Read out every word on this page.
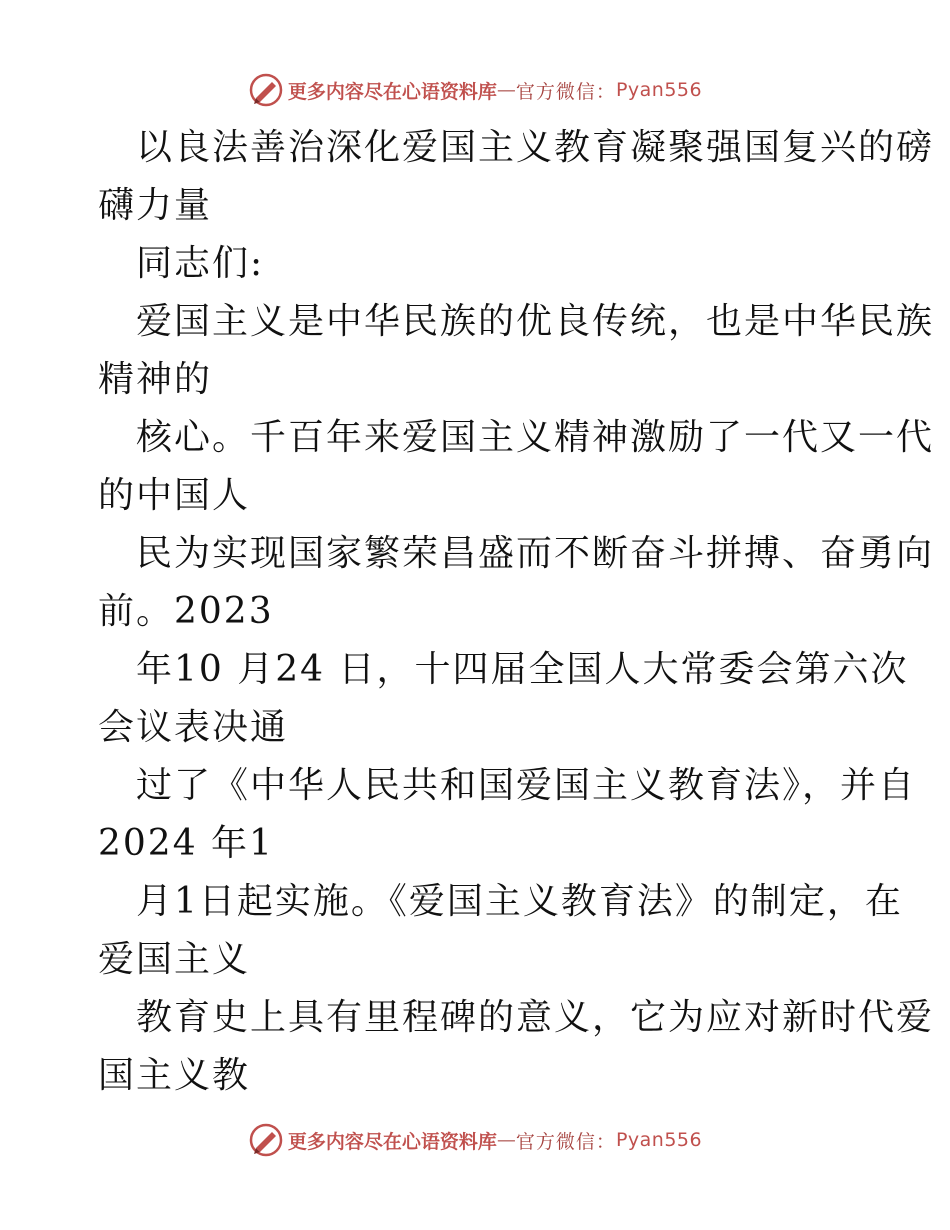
更多内容尽在心语资料库 — 官方微信： Pyan556
以良法善治深化爱国主义教育凝聚强国复兴的磅
礴力量
同志们:
爱国主义是中华民族的优良传统，也是中华民族
精神的
核心。千百年来爱国主义精神激励了一代又一代
的中国人
民为实现国家繁荣昌盛而不断奋斗拼搏、奋勇向
前。2023
年10 月24 日，十四届全国人大常委会第六次
会议表决通
过了《中华人民共和国爱国主义教育法》，并自
2024 年1
月1日起实施。《爱国主义教育法》的制定，在
爱国主义
教育史上具有里程碑的意义，它为应对新时代爱
国主义教
更多内容尽在心语资料库 — 官方微信： Pyan556
